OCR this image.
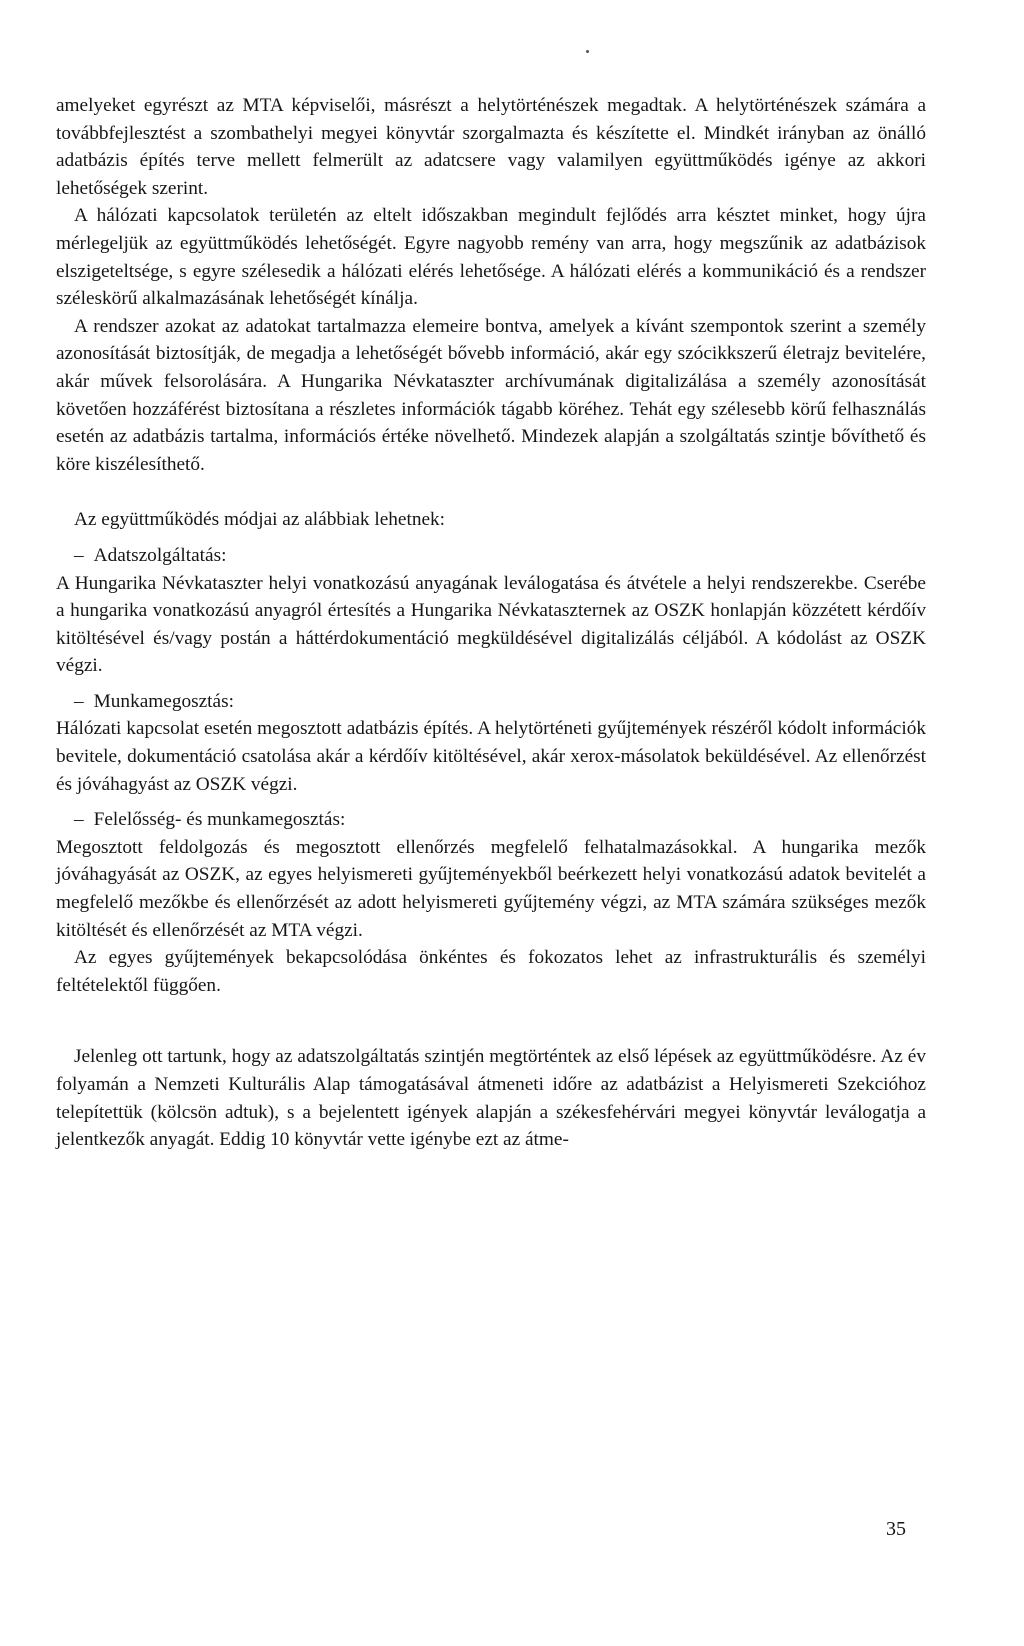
amelyeket egyrészt az MTA képviselői, másrészt a helytörténészek megadtak. A helytörténészek számára a továbbfejlesztést a szombathelyi megyei könyvtár szorgalmazta és készítette el. Mindkét irányban az önálló adatbázis építés terve mellett felmerült az adatcsere vagy valamilyen együttműködés igénye az akkori lehetőségek szerint.

A hálózati kapcsolatok területén az eltelt időszakban megindult fejlődés arra késztet minket, hogy újra mérlegeljük az együttműködés lehetőségét. Egyre nagyobb remény van arra, hogy megszűnik az adatbázisok elszigeteltsége, s egyre szélesedik a hálózati elérés lehetősége. A hálózati elérés a kommunikáció és a rendszer széleskörű alkalmazásának lehetőségét kínálja.

A rendszer azokat az adatokat tartalmazza elemeire bontva, amelyek a kívánt szempontok szerint a személy azonosítását biztosítják, de megadja a lehetőségét bővebb információ, akár egy szócikkszerű életrajz bevitelére, akár művek felsorolására. A Hungarika Névkataszter archívumának digitalizálása a személy azonosítását követően hozzáférést biztosítana a részletes információk tágabb köréhez. Tehát egy szélesebb körű felhasználás esetén az adatbázis tartalma, információs értéke növelhető. Mindezek alapján a szolgáltatás szintje bővíthető és köre kiszélesíthető.

Az együttműködés módjai az alábbiak lehetnek:

– Adatszolgáltatás:

A Hungarika Névkataszter helyi vonatkozású anyagának leválogatása és átvétele a helyi rendszerekbe. Cserébe a hungarika vonatkozású anyagról értesítés a Hungarika Névkataszternek az OSZK honlapján közzétett kérdőív kitöltésével és/vagy postán a háttérdokumentáció megküldésével digitalizálás céljából. A kódolást az OSZK végzi.

– Munkamegosztás:

Hálózati kapcsolat esetén megosztott adatbázis építés. A helytörténeti gyűjtemények részéről kódolt információk bevitele, dokumentáció csatolása akár a kérdőív kitöltésével, akár xerox-másolatok beküldésével. Az ellenőrzést és jóváhagyást az OSZK végzi.

– Felelősség- és munkamegosztás:

Megosztott feldolgozás és megosztott ellenőrzés megfelelő felhatalmazásokkal. A hungarika mezők jóváhagyását az OSZK, az egyes helyismereti gyűjteményekből beérkezett helyi vonatkozású adatok bevitelét a megfelelő mezőkbe és ellenőrzését az adott helyismereti gyűjtemény végzi, az MTA számára szükséges mezők kitöltését és ellenőrzését az MTA végzi.

Az egyes gyűjtemények bekapcsolódása önkéntes és fokozatos lehet az infrastrukturális és személyi feltételektől függően.

Jelenleg ott tartunk, hogy az adatszolgáltatás szintjén megtörténtek az első lépések az együttműködésre. Az év folyamán a Nemzeti Kulturális Alap támogatásával átmeneti időre az adatbázist a Helyismereti Szekcióhoz telepítettük (kölcsön adtuk), s a bejelentett igények alapján a székesfehérvári megyei könyvtár leválogatja a jelentkezők anyagát. Eddig 10 könyvtár vette igénybe ezt az átme-

35
